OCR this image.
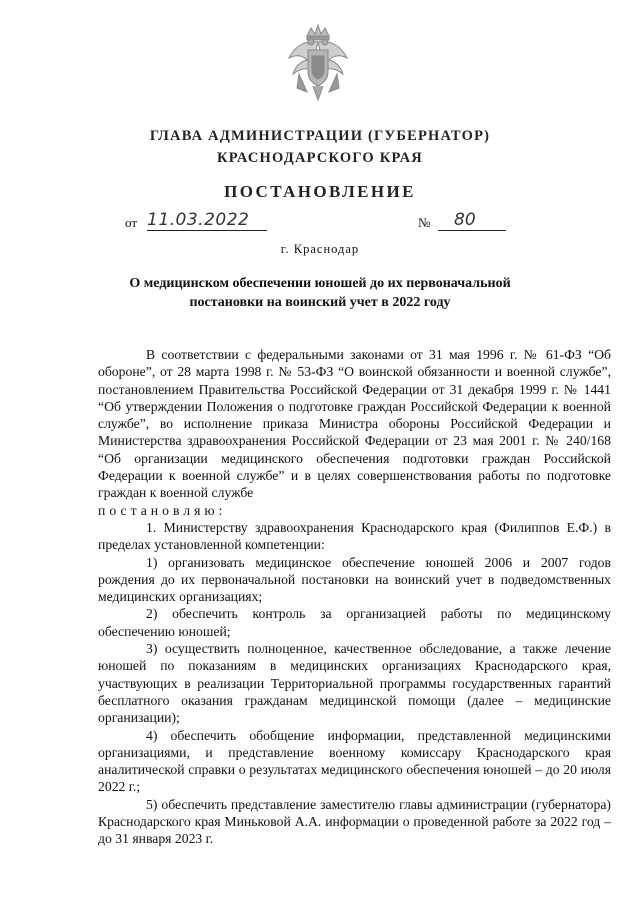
ГЛАВА АДМИНИСТРАЦИИ (ГУБЕРНАТОР)
КРАСНОДАРСКОГО КРАЯ
ПОСТАНОВЛЕНИЕ
от 11.03.2022	№	80
г. Краснодар
О медицинском обеспечении юношей до их первоначальной
постановки на воинский учет в 2022 году

В соответствии с федеральными законами от 31 мая 1996 г. № 61-ФЗ “Об обороне”, от 28 марта 1998 г. № 53-ФЗ “О воинской обязанности и военной службе”, постановлением Правительства Российской Федерации от 31 декабря 1999 г. № 1441 “Об утверждении Положения о подготовке граждан Российской Федерации к военной службе”, во исполнение приказа Министра обороны Российской Федерации и Министерства здравоохранения Российской Федерации от 23 мая 2001 г. № 240/168 “Об организации медицинского обеспечения подготовки граждан Российской Федерации к военной службе” и в целях совершенствования работы по подготовке граждан к военной службе

постановляю:

1. Министерству здравоохранения Краснодарского края (Филиппов Е.Ф.) в пределах установленной компетенции:

1) организовать медицинское обеспечение юношей 2006 и 2007 годов рождения до их первоначальной постановки на воинский учет в подведомственных медицинских организациях;

2) обеспечить контроль за организацией работы по медицинскому обеспечению юношей;

3) осуществить полноценное, качественное обследование, а также лечение юношей по показаниям в медицинских организациях Краснодарского края, участвующих в реализации Территориальной программы государственных гарантий бесплатного оказания гражданам медицинской помощи (далее – медицинские организации);

4) обеспечить обобщение информации, представленной медицинскими организациями, и представление военному комиссару Краснодарского края аналитической справки о результатах медицинского обеспечения юношей – до 20 июля 2022 г.;

5) обеспечить представление заместителю главы администрации (губернатора) Краснодарского края Миньковой А.А. информации о проведенной работе за 2022 год – до 31 января 2023 г.
